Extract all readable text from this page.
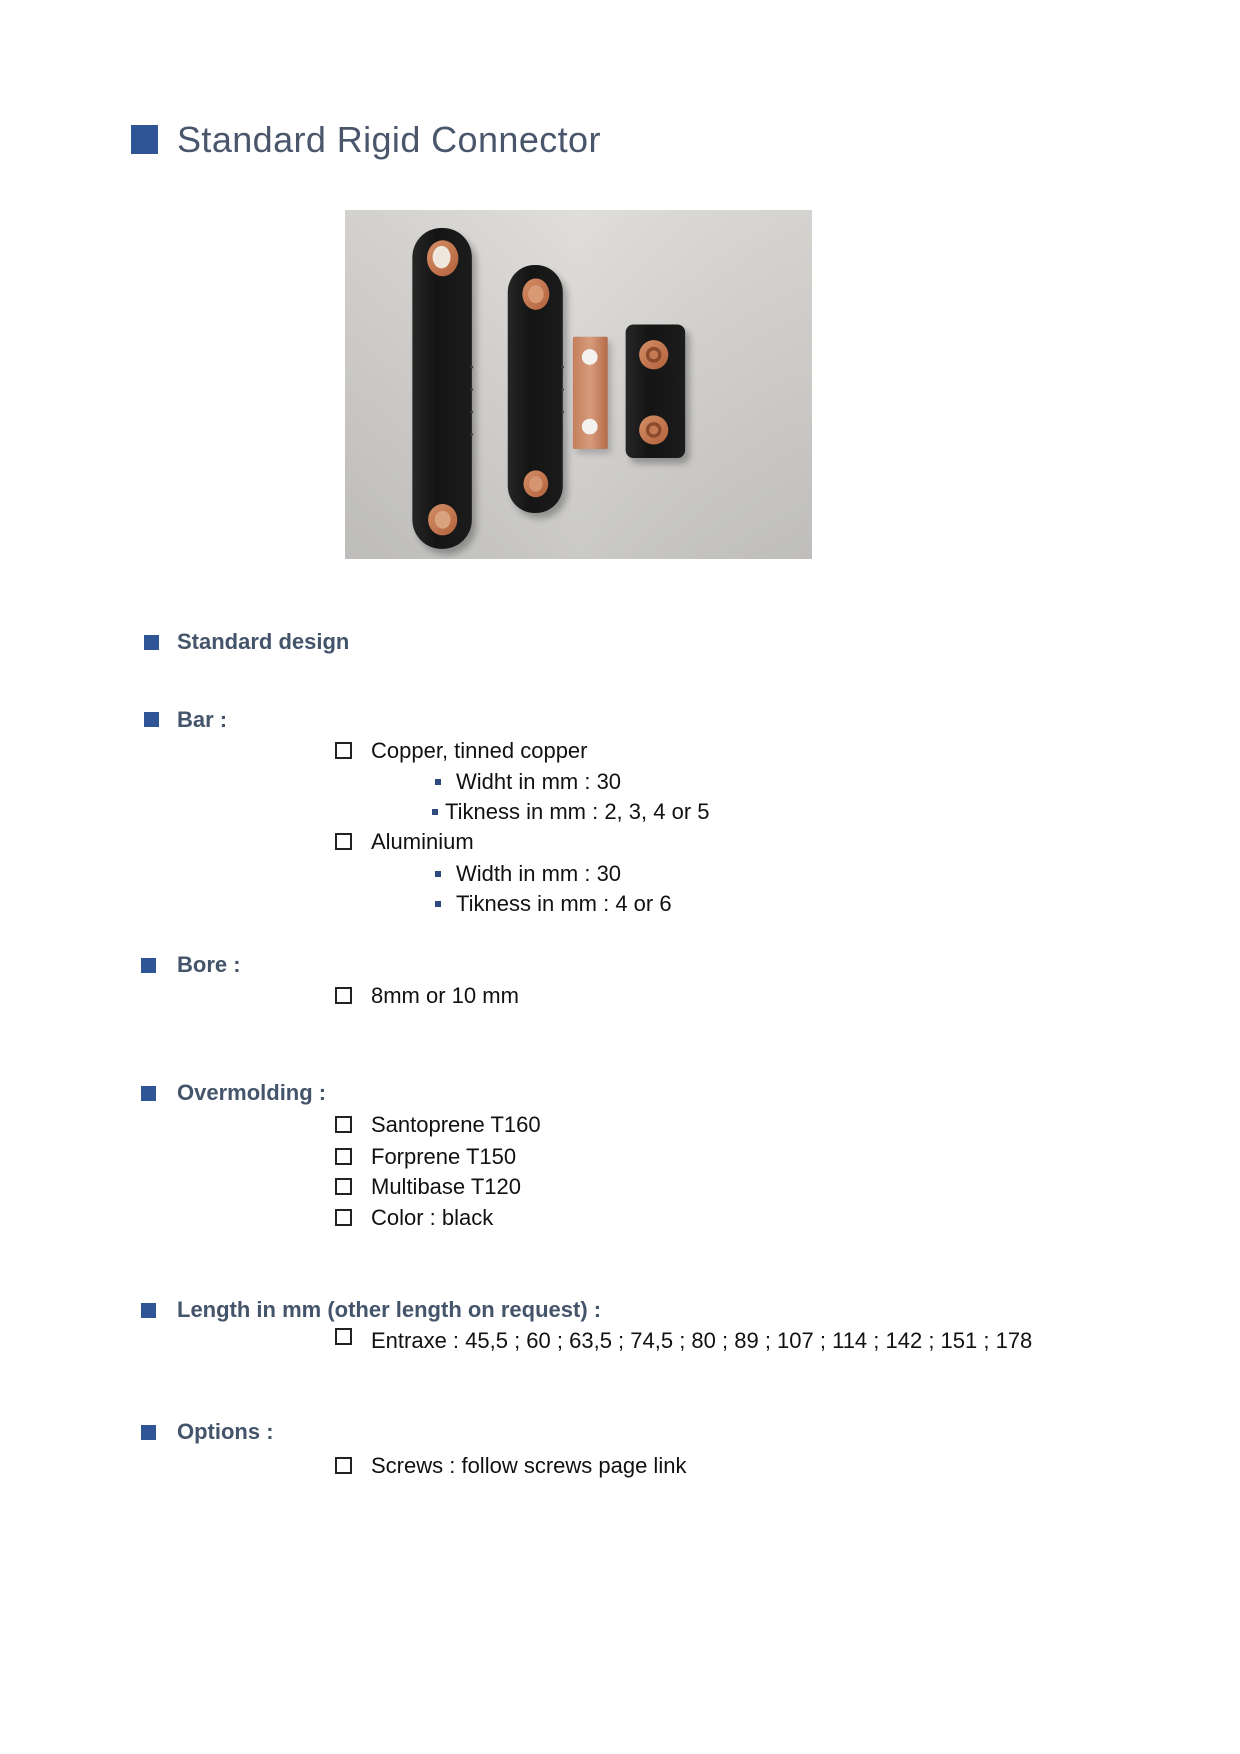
Standard Rigid Connector
Standard design
Bar :
Copper, tinned copper
Widht in mm : 30
Tikness in mm : 2, 3, 4 or 5
Aluminium
Width in mm : 30
Tikness in mm : 4 or 6
Bore :
8mm or 10 mm
Overmolding :
Santoprene T160
Forprene T150
Multibase T120
Color : black
Length in mm (other length on request) :
Entraxe : 45,5 ; 60 ; 63,5 ; 74,5 ; 80 ; 89 ; 107 ; 114 ; 142 ; 151 ; 178
Options :
Screws : follow screws page link
